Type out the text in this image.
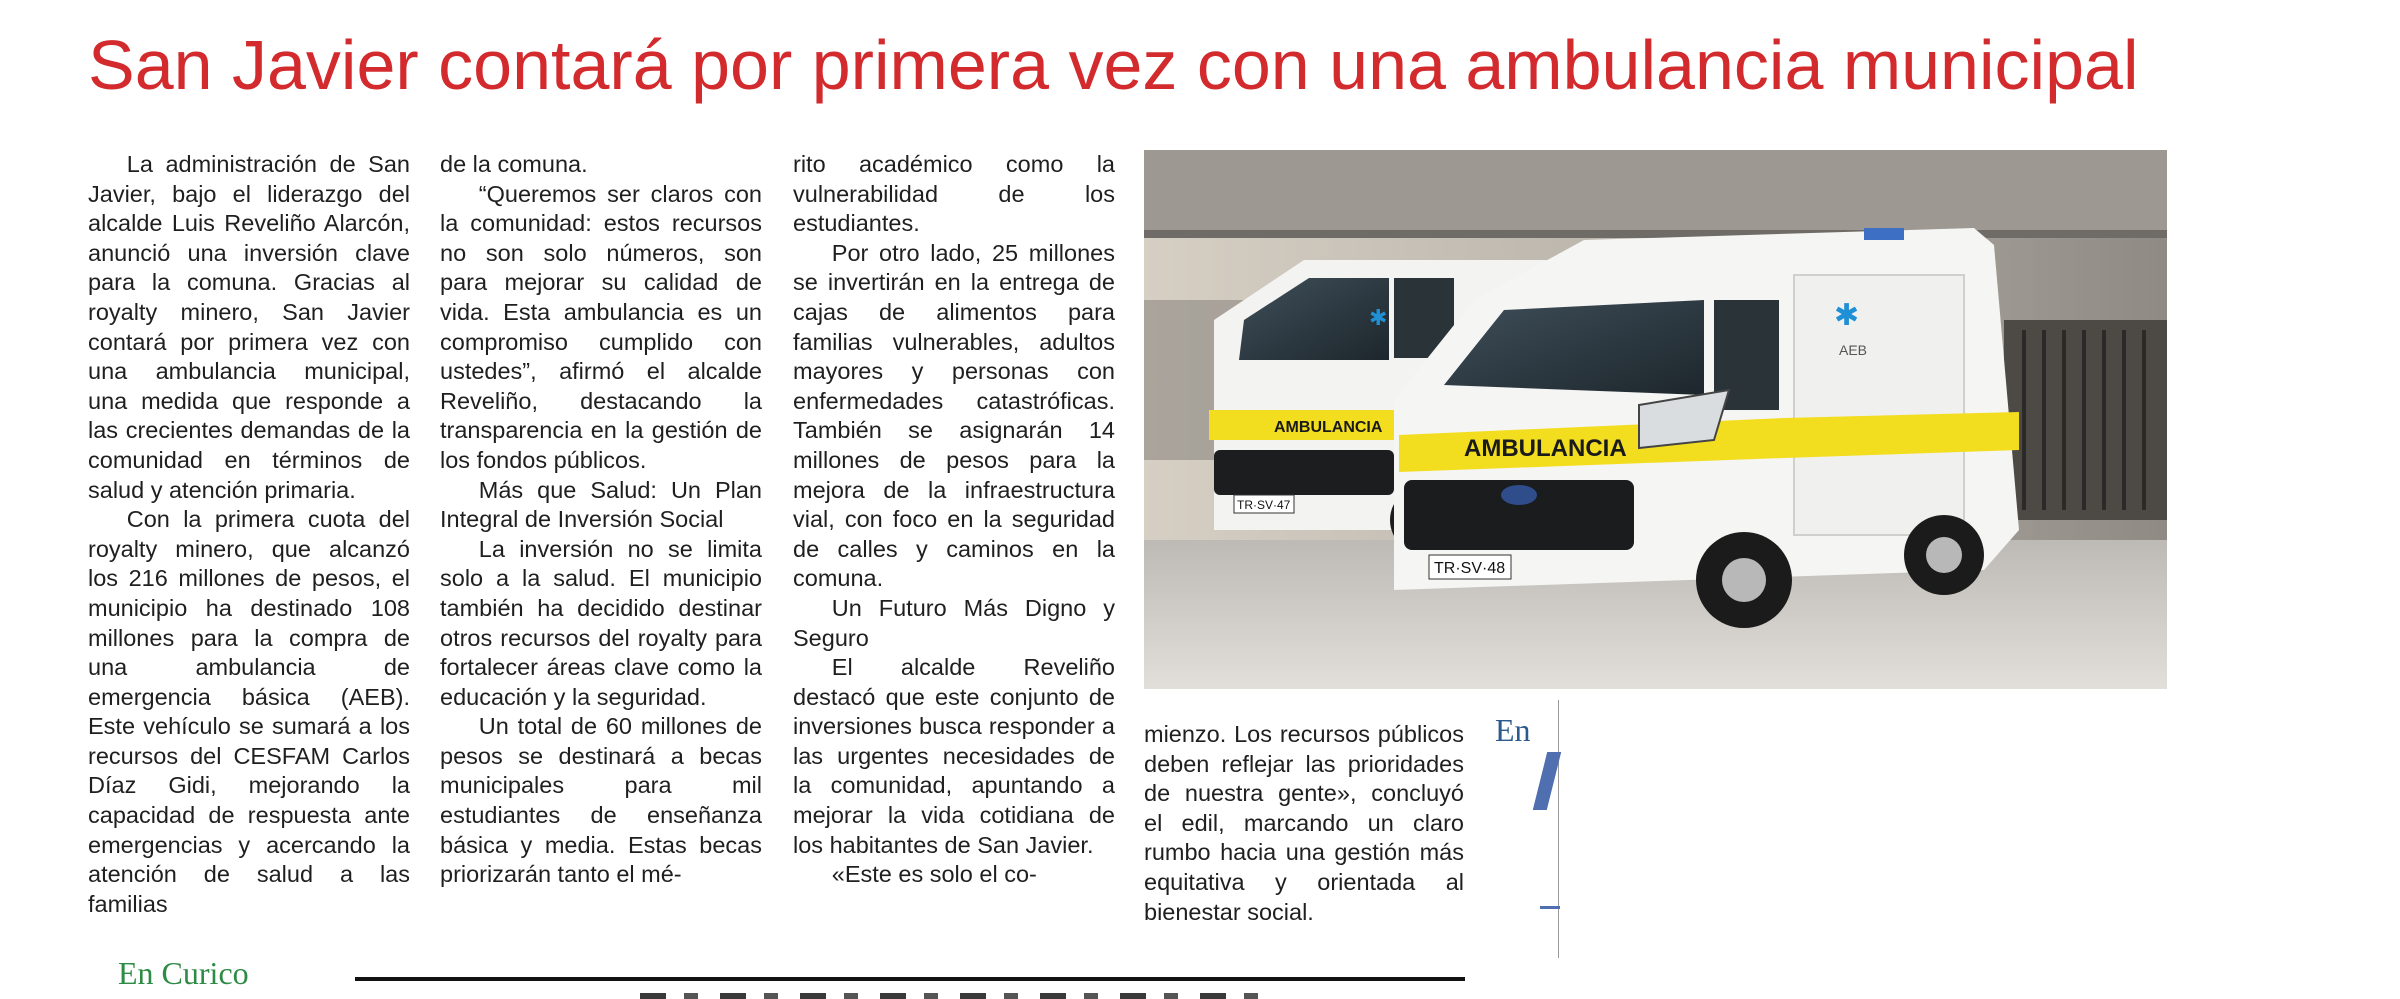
San Javier contará por primera vez con una ambulancia municipal

La administración de San Javier, bajo el liderazgo del alcalde Luis Reveliño Alarcón, anunció una inversión clave para la comuna. Gracias al royalty minero, San Javier contará por primera vez con una ambulancia municipal, una medida que responde a las crecientes demandas de la comunidad en términos de salud y atención primaria.

Con la primera cuota del royalty minero, que alcanzó los 216 millones de pesos, el municipio ha destinado 108 millones para la compra de una ambulancia de emergencia básica (AEB). Este vehículo se sumará a los recursos del CESFAM Carlos Díaz Gidi, mejorando la capacidad de respuesta ante emergencias y acercando la atención de salud a las familias

de la comuna.

“Queremos ser claros con la comunidad: estos recursos no son solo números, son para mejorar su calidad de vida. Esta ambulancia es un compromiso cumplido con ustedes”, afirmó el alcalde Reveliño, destacando la transparencia en la gestión de los fondos públicos.

Más que Salud: Un Plan Integral de Inversión Social

La inversión no se limita solo a la salud. El municipio también ha decidido destinar otros recursos del royalty para fortalecer áreas clave como la educación y la seguridad.

Un total de 60 millones de pesos se destinará a becas municipales para mil estudiantes de enseñanza básica y media. Estas becas priorizarán tanto el mé-

rito académico como la vulnerabilidad de los estudiantes.

Por otro lado, 25 millones se invertirán en la entrega de cajas de alimentos para familias vulnerables, adultos mayores y personas con enfermedades catastróficas. También se asignarán 14 millones de pesos para la mejora de la infraestructura vial, con foco en la seguridad de calles y caminos en la comuna.

Un Futuro Más Digno y Seguro

El alcalde Reveliño destacó que este conjunto de inversiones busca responder a las urgentes necesidades de la comunidad, apuntando a mejorar la vida cotidiana de los habitantes de San Javier.

«Este es solo el co-

AMBULANCIA
TR·SV·47
✱	✱
AEB
AMBULANCIA
TR·SV·48

mienzo. Los recursos públicos deben reflejar las prioridades de nuestra gente», concluyó el edil, marcando un claro rumbo hacia una gestión más equitativa y orientada al bienestar social.

En

En Curico
